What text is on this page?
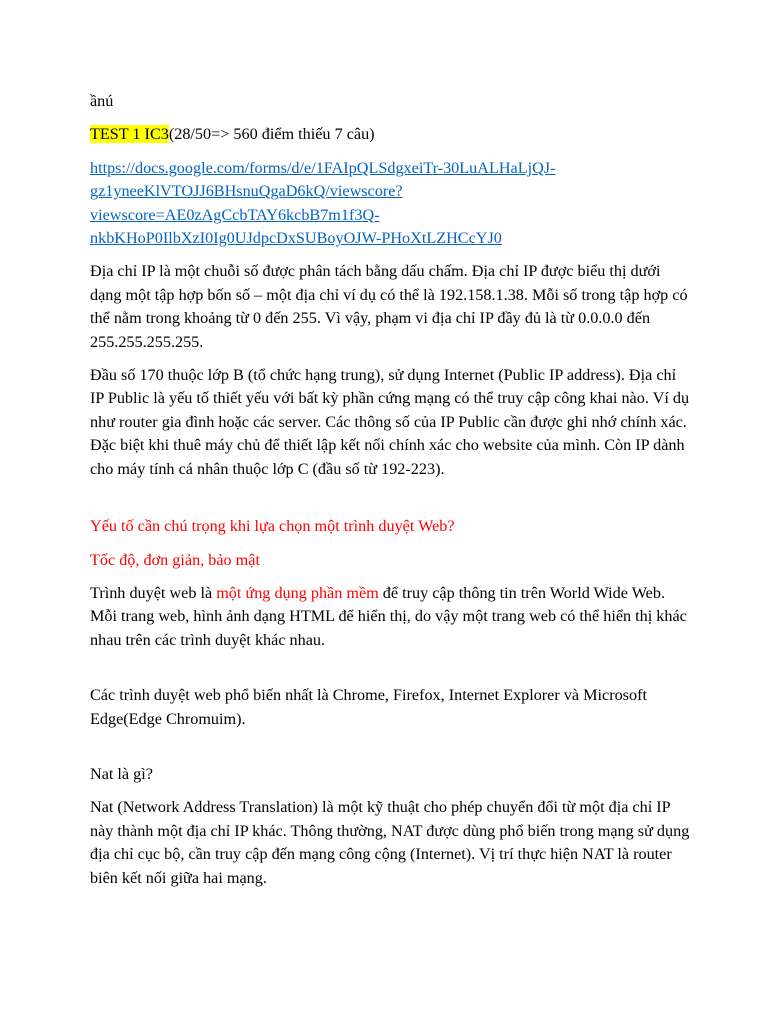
ầnú

TEST 1 IC3(28/50=> 560 điểm thiếu 7 câu)

https://docs.google.com/forms/d/e/1FAIpQLSdgxeiTr-30LuALHaLjQJ-
gz1yneeKlVTOJJ6BHsnuQgaD6kQ/viewscore?
viewscore=AE0zAgCcbTAY6kcbB7m1f3Q-
nkbKHoP0IlbXzI0Ig0UJdpcDxSUBoyOJW-PHoXtLZHCcYJ0

Địa chỉ IP là một chuỗi số được phân tách bằng dấu chấm. Địa chỉ IP được biểu thị dưới dạng một tập hợp bốn số – một địa chỉ ví dụ có thể là 192.158.1.38. Mỗi số trong tập hợp có thể nằm trong khoảng từ 0 đến 255. Vì vậy, phạm vi địa chỉ IP đầy đủ là từ 0.0.0.0 đến 255.255.255.255.

Đầu số 170 thuộc lớp B (tổ chức hạng trung), sử dụng Internet (Public IP address). Địa chỉ IP Public là yếu tố thiết yếu với bất kỳ phần cứng mạng có thể truy cập công khai nào. Ví dụ như router gia đình hoặc các server. Các thông số của IP Public cần được ghi nhớ chính xác. Đặc biệt khi thuê máy chủ để thiết lập kết nối chính xác cho website của mình. Còn IP dành cho máy tính cá nhân thuộc lớp C (đầu số từ 192-223).

Yếu tố cần chú trọng khi lựa chọn một trình duyệt Web?

Tốc độ, đơn giản, bảo mật

Trình duyệt web là một ứng dụng phần mềm để truy cập thông tin trên World Wide Web. Mỗi trang web, hình ảnh dạng HTML để hiển thị, do vậy một trang web có thể hiển thị khác nhau trên các trình duyệt khác nhau.

Các trình duyệt web phổ biến nhất là Chrome, Firefox, Internet Explorer và Microsoft Edge(Edge Chromuim).

Nat là gì?

Nat (Network Address Translation) là một kỹ thuật cho phép chuyển đổi từ một địa chỉ IP này thành một địa chỉ IP khác. Thông thường, NAT được dùng phổ biến trong mạng sử dụng địa chỉ cục bộ, cần truy cập đến mạng công cộng (Internet). Vị trí thực hiện NAT là router biên kết nối giữa hai mạng.
